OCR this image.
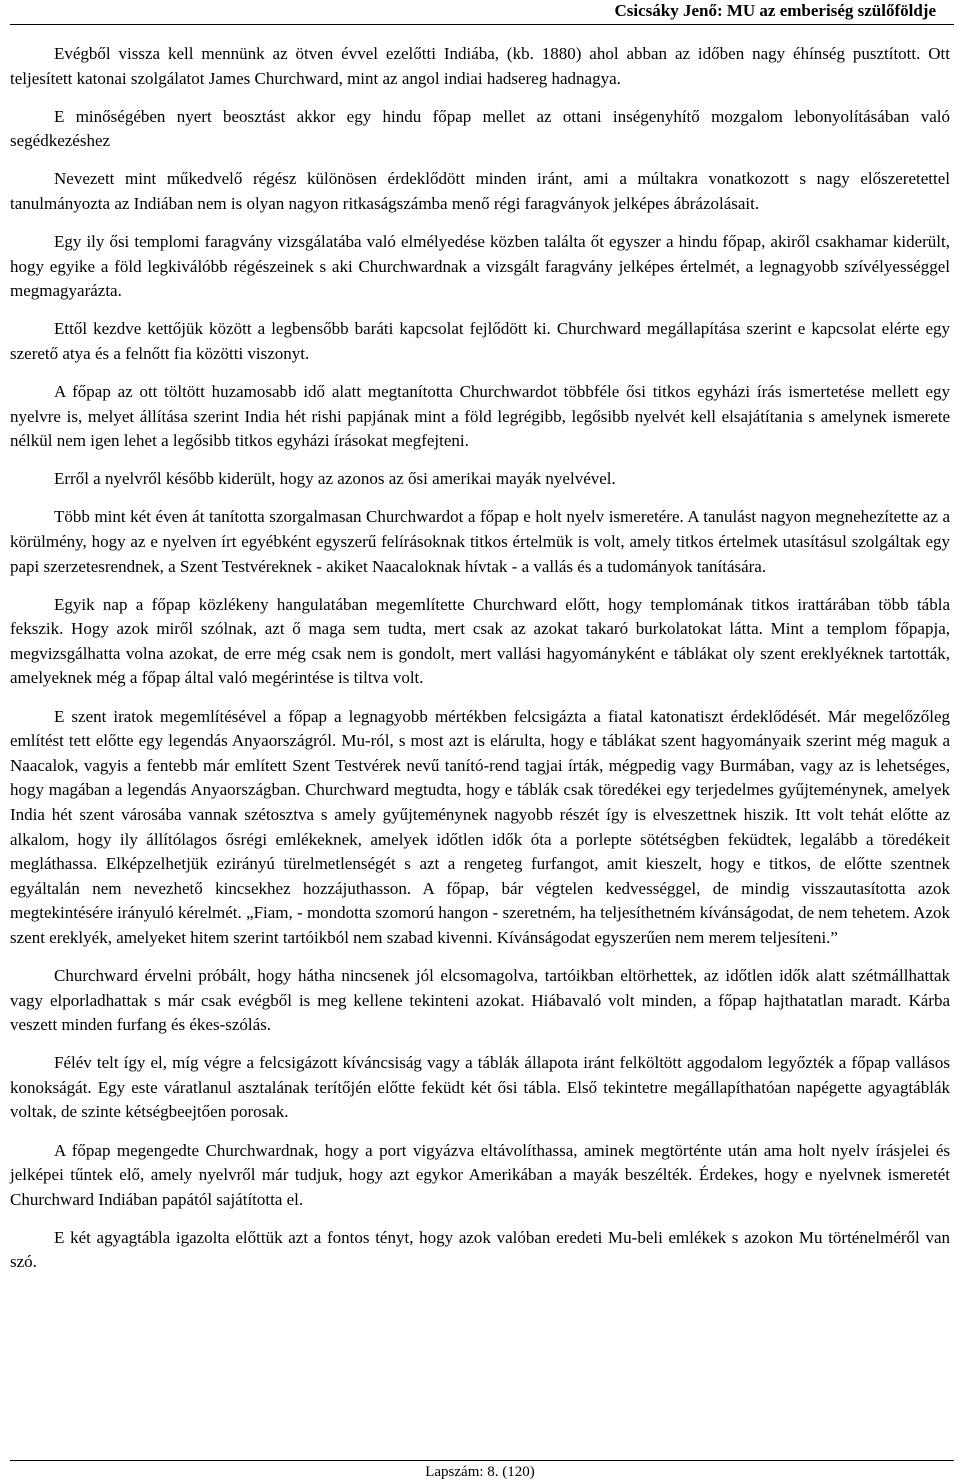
Csicsáky Jenő: MU az emberiség szülőföldje

Evégből vissza kell mennünk az ötven évvel ezelőtti Indiába, (kb. 1880) ahol abban az időben nagy éhínség pusztított. Ott teljesített katonai szolgálatot James Churchward, mint az angol indiai hadsereg hadnagya.

E minőségében nyert beosztást akkor egy hindu főpap mellet az ottani inségenyhítő mozgalom lebonyolításában való segédkezéshez

Nevezett mint műkedvelő régész különösen érdeklődött minden iránt, ami a múltakra vonatkozott s nagy előszeretettel tanulmányozta az Indiában nem is olyan nagyon ritkaságszámba menő régi faragványok jelképes ábrázolásait.

Egy ily ősi templomi faragvány vizsgálatába való elmélyedése közben találta őt egyszer a hindu főpap, akiről csakhamar kiderült, hogy egyike a föld legkiválóbb régészeinek s aki Churchwardnak a vizsgált faragvány jelképes értelmét, a legnagyobb szívélyességgel megmagyarázta.

Ettől kezdve kettőjük között a legbensőbb baráti kapcsolat fejlődött ki. Churchward megállapítása szerint e kapcsolat elérte egy szerető atya és a felnőtt fia közötti viszonyt.

A főpap az ott töltött huzamosabb idő alatt megtanította Churchwardot többféle ősi titkos egyházi írás ismertetése mellett egy nyelvre is, melyet állítása szerint India hét rishi papjának mint a föld legrégibb, legősibb nyelvét kell elsajátítania s amelynek ismerete nélkül nem igen lehet a legősibb titkos egyházi írásokat megfejteni.

Erről a nyelvről később kiderült, hogy az azonos az ősi amerikai mayák nyelvével.

Több mint két éven át tanította szorgalmasan Churchwardot a főpap e holt nyelv ismeretére. A tanulást nagyon megnehezítette az a körülmény, hogy az e nyelven írt egyébként egyszerű felírásoknak titkos értelmük is volt, amely titkos értelmek utasításul szolgáltak egy papi szerzetesrendnek, a Szent Testvéreknek - akiket Naacaloknak hívtak - a vallás és a tudományok tanítására.

Egyik nap a főpap közlékeny hangulatában megemlítette Churchward előtt, hogy templomának titkos irattárában több tábla fekszik. Hogy azok miről szólnak, azt ő maga sem tudta, mert csak az azokat takaró burkolatokat látta. Mint a templom főpapja, megvizsgálhatta volna azokat, de erre még csak nem is gondolt, mert vallási hagyományként e táblákat oly szent ereklyéknek tartották, amelyeknek még a főpap által való megérintése is tiltva volt.

E szent iratok megemlítésével a főpap a legnagyobb mértékben felcsigázta a fiatal katonatiszt érdeklődését. Már megelőzőleg említést tett előtte egy legendás Anyaországról. Mu-ról, s most azt is elárulta, hogy e táblákat szent hagyományaik szerint még maguk a Naacalok, vagyis a fentebb már említett Szent Testvérek nevű tanító-rend tagjai írták, mégpedig vagy Burmában, vagy az is lehetséges, hogy magában a legendás Anyaországban. Churchward megtudta, hogy e táblák csak töredékei egy terjedelmes gyűjteménynek, amelyek India hét szent városába vannak szétosztva s amely gyűjteménynek nagyobb részét így is elveszettnek hiszik. Itt volt tehát előtte az alkalom, hogy ily állítólagos ősrégi emlékeknek, amelyek időtlen idők óta a porlepte sötétségben feküdtek, legalább a töredékeit megláthassa. Elképzelhetjük ezirányú türelmetlenségét s azt a rengeteg furfangot, amit kieszelt, hogy e titkos, de előtte szentnek egyáltalán nem nevezhető kincsekhez hozzájuthasson. A főpap, bár végtelen kedvességgel, de mindig visszautasította azok megtekintésére irányuló kérelmét. „Fiam, - mondotta szomorú hangon - szeretném, ha teljesíthetném kívánságodat, de nem tehetem. Azok szent ereklyék, amelyeket hitem szerint tartóikból nem szabad kivenni. Kívánságodat egyszerűen nem merem teljesíteni.”

Churchward érvelni próbált, hogy hátha nincsenek jól elcsomagolva, tartóikban eltörhettek, az időtlen idők alatt szétmállhattak vagy elporladhattak s már csak evégből is meg kellene tekinteni azokat. Hiábavaló volt minden, a főpap hajthatatlan maradt. Kárba veszett minden furfang és ékes-szólás.

Félév telt így el, míg végre a felcsigázott kíváncsiság vagy a táblák állapota iránt felköltött aggodalom legyőzték a főpap vallásos konokságát. Egy este váratlanul asztalának terítőjén előtte feküdt két ősi tábla. Első tekintetre megállapíthatóan napégette agyagtáblák voltak, de szinte kétségbeejtően porosak.

A főpap megengedte Churchwardnak, hogy a port vigyázva eltávolíthassa, aminek megtörténte után ama holt nyelv írásjelei és jelképei tűntek elő, amely nyelvről már tudjuk, hogy azt egykor Amerikában a mayák beszélték. Érdekes, hogy e nyelvnek ismeretét Churchward Indiában papától sajátította el.

E két agyagtábla igazolta előttük azt a fontos tényt, hogy azok valóban eredeti Mu-beli emlékek s azokon Mu történelméről van szó.

Lapszám: 8. (120)
